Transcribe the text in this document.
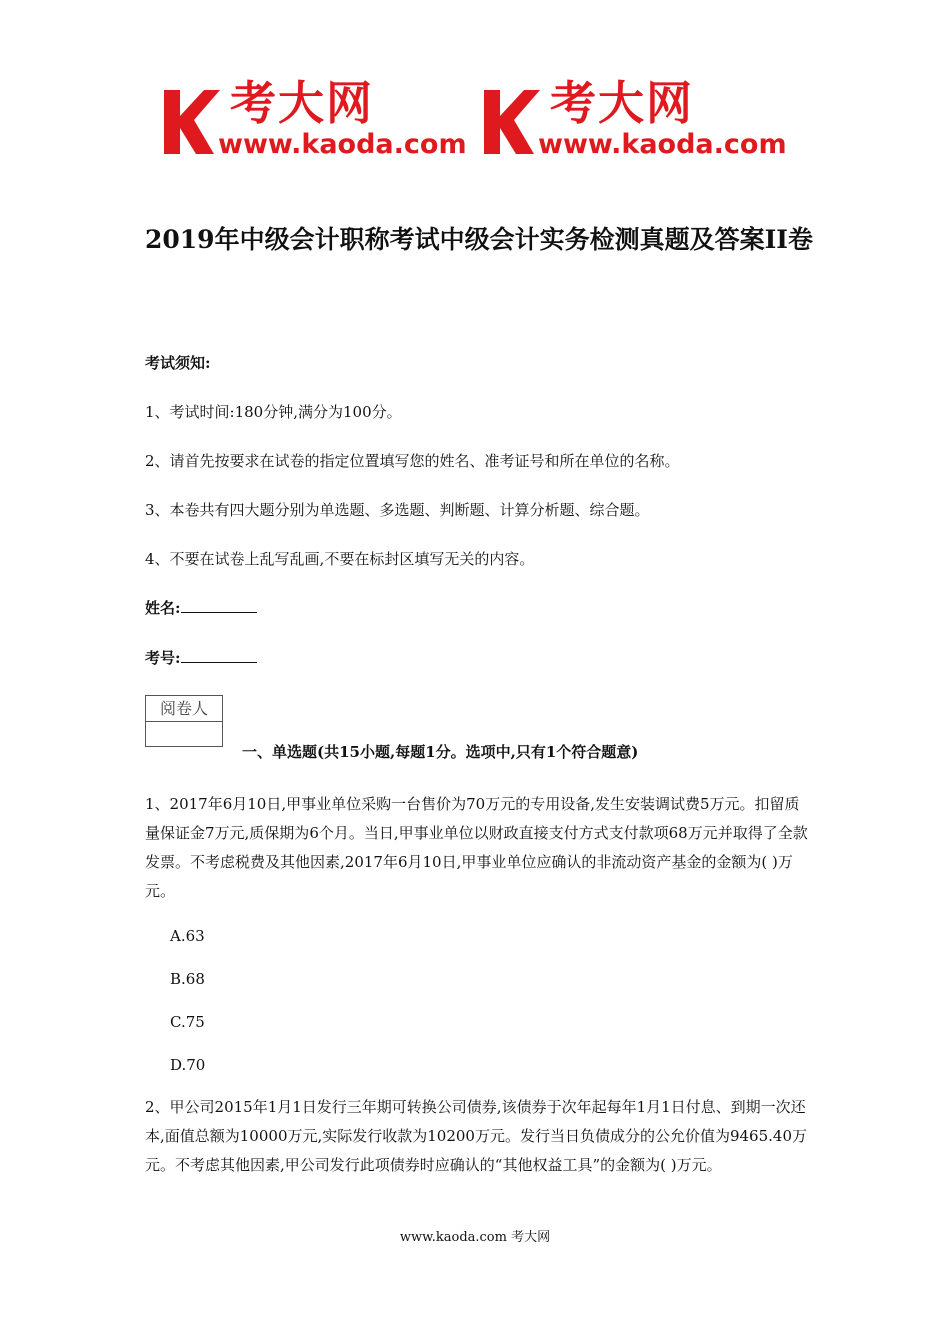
考大网
www.kaoda.com
考大网
www.kaoda.com
2019年中级会计职称考试中级会计实务检测真题及答案II卷
考试须知:
1、考试时间:180分钟,满分为100分。
2、请首先按要求在试卷的指定位置填写您的姓名、准考证号和所在单位的名称。
3、本卷共有四大题分别为单选题、多选题、判断题、计算分析题、综合题。
4、不要在试卷上乱写乱画,不要在标封区填写无关的内容。
姓名:
考号:
阅卷人
一、单选题(共15小题,每题1分。选项中,只有1个符合题意)

1、2017年6月10日,甲事业单位采购一台售价为70万元的专用设备,发生安装调试费5万元。扣留质量保证金7万元,质保期为6个月。当日,甲事业单位以财政直接支付方式支付款项68万元并取得了全款发票。不考虑税费及其他因素,2017年6月10日,甲事业单位应确认的非流动资产基金的金额为( )万元。

A.63
B.68
C.75
D.70

2、甲公司2015年1月1日发行三年期可转换公司债券,该债券于次年起每年1月1日付息、到期一次还本,面值总额为10000万元,实际发行收款为10200万元。发行当日负债成分的公允价值为9465.40万元。不考虑其他因素,甲公司发行此项债券时应确认的“其他权益工具”的金额为( )万元。

www.kaoda.com 考大网
